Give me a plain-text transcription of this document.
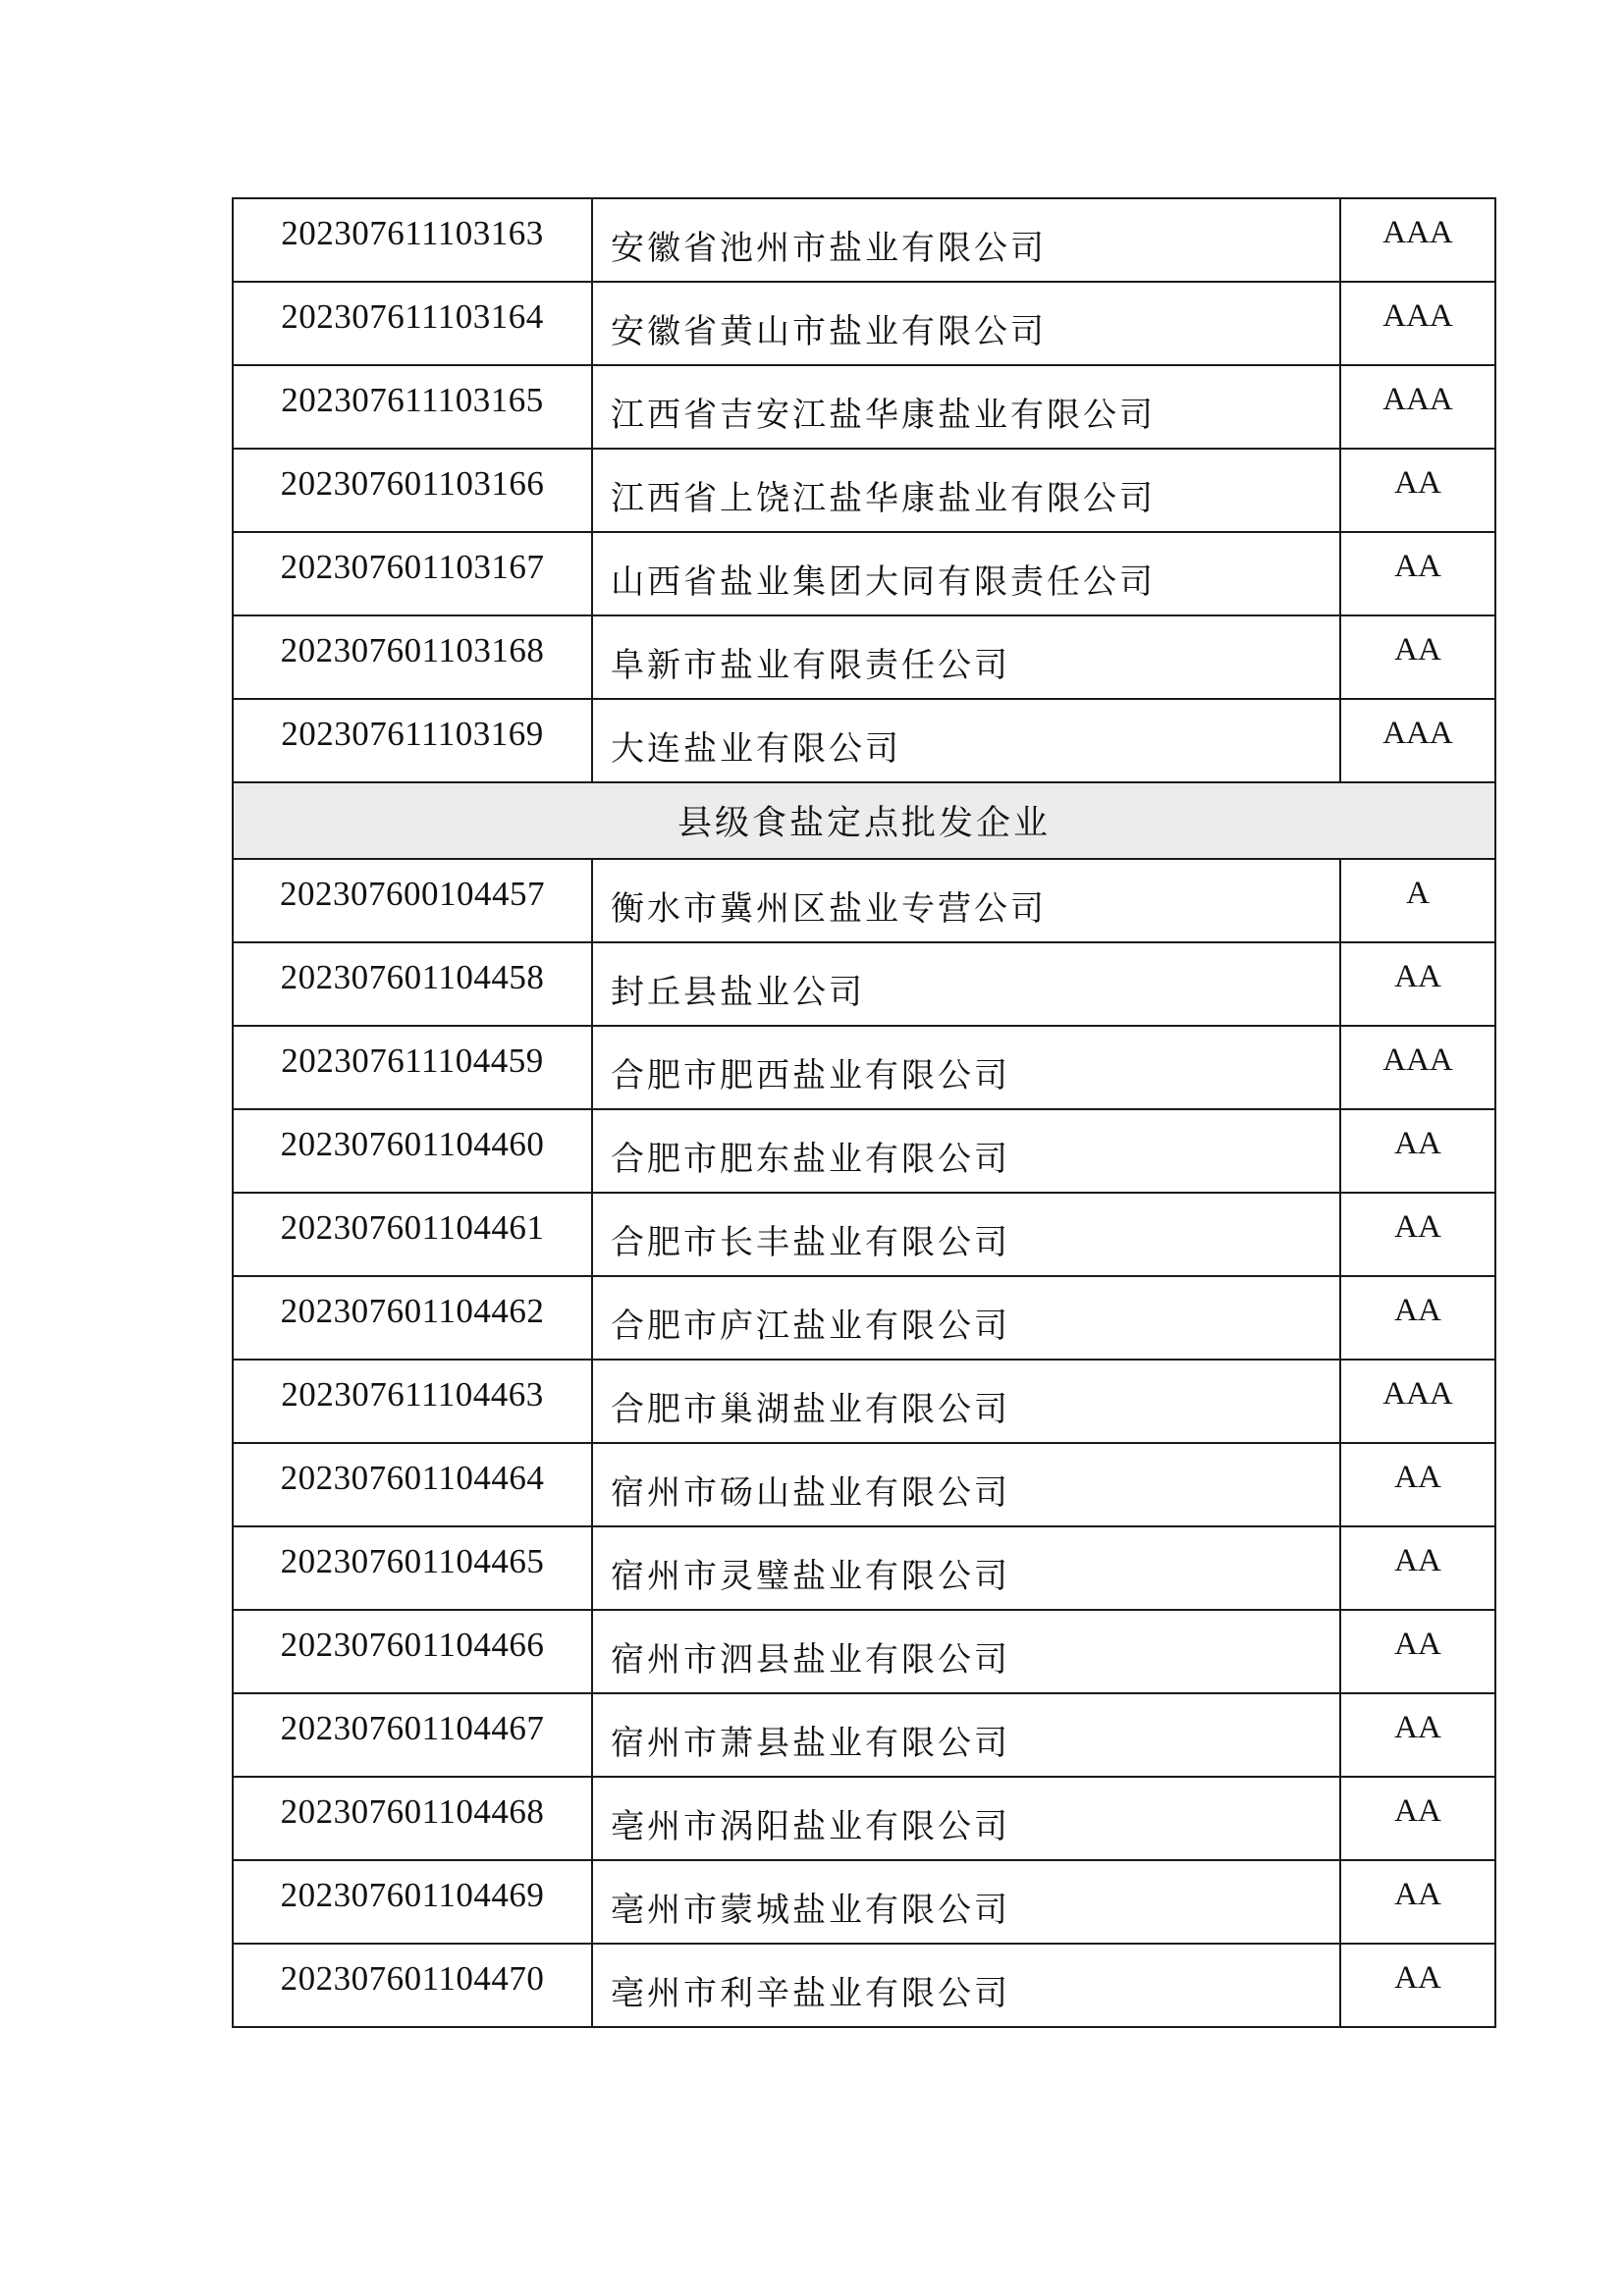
202307611103163	安徽省池州市盐业有限公司	AAA
202307611103164	安徽省黄山市盐业有限公司	AAA
202307611103165	江西省吉安江盐华康盐业有限公司	AAA
202307601103166	江西省上饶江盐华康盐业有限公司	AA
202307601103167	山西省盐业集团大同有限责任公司	AA
202307601103168	阜新市盐业有限责任公司	AA
202307611103169	大连盐业有限公司	AAA
县级食盐定点批发企业		
202307600104457	衡水市冀州区盐业专营公司	A
202307601104458	封丘县盐业公司	AA
202307611104459	合肥市肥西盐业有限公司	AAA
202307601104460	合肥市肥东盐业有限公司	AA
202307601104461	合肥市长丰盐业有限公司	AA
202307601104462	合肥市庐江盐业有限公司	AA
202307611104463	合肥市巢湖盐业有限公司	AAA
202307601104464	宿州市砀山盐业有限公司	AA
202307601104465	宿州市灵璧盐业有限公司	AA
202307601104466	宿州市泗县盐业有限公司	AA
202307601104467	宿州市萧县盐业有限公司	AA
202307601104468	亳州市涡阳盐业有限公司	AA
202307601104469	亳州市蒙城盐业有限公司	AA
202307601104470	亳州市利辛盐业有限公司	AA
